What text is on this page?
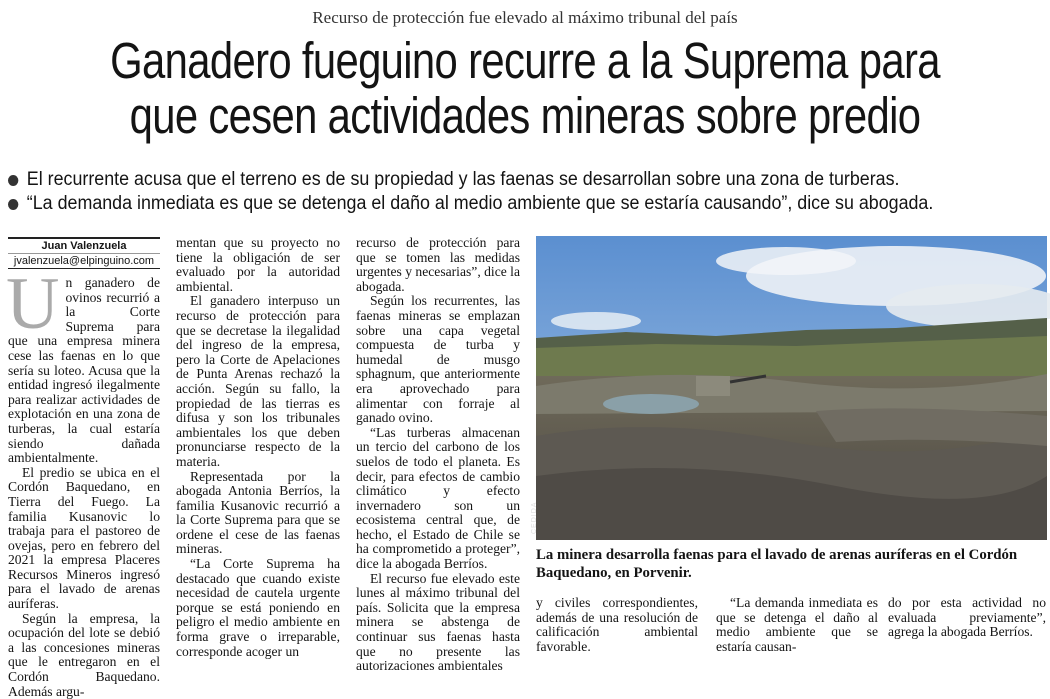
Recurso de protección fue elevado al máximo tribunal del país
Ganadero fueguino recurre a la Suprema para
que cesen actividades mineras sobre predio
El recurrente acusa que el terreno es de su propiedad y las faenas se desarrollan sobre una zona de turberas.
“La demanda inmediata es que se detenga el daño al medio ambiente que se estaría causando”, dice su abogada.
Juan Valenzuela
jvalenzuela@elpinguino.com

Un ganadero de ovinos recurrió a la Corte Suprema para que una empresa minera cese las faenas en lo que sería su loteo. Acusa que la entidad ingresó ilegalmente para realizar actividades de explotación en una zona de turberas, la cual estaría siendo dañada ambientalmente.

El predio se ubica en el Cordón Baquedano, en Tierra del Fuego. La familia Kusanovic lo trabaja para el pastoreo de ovejas, pero en febrero del 2021 la empresa Placeres Recursos Mineros ingresó para el lavado de arenas auríferas.

Según la empresa, la ocupación del lote se debió a las concesiones mineras que le entregaron en el Cordón Baquedano. Además argu-

mentan que su proyecto no tiene la obligación de ser evaluado por la autoridad ambiental.

El ganadero interpuso un recurso de protección para que se decretase la ilegalidad del ingreso de la empresa, pero la Corte de Apelaciones de Punta Arenas rechazó la acción. Según su fallo, la propiedad de las tierras es difusa y son los tribunales ambientales los que deben pronunciarse respecto de la materia.

Representada por la abogada Antonia Berríos, la familia Kusanovic recurrió a la Corte Suprema para que se ordene el cese de las faenas mineras.

“La Corte Suprema ha destacado que cuando existe necesidad de cautela urgente porque se está poniendo en peligro el medio ambiente en forma grave o irreparable, corresponde acoger un

recurso de protección para que se tomen las medidas urgentes y necesarias”, dice la abogada.

Según los recurrentes, las faenas mineras se emplazan sobre una capa vegetal compuesta de turba y humedal de musgo sphagnum, que anteriormente era aprovechado para alimentar con forraje al ganado ovino.

“Las turberas almacenan un tercio del carbono de los suelos de todo el planeta. Es decir, para efectos de cambio climático y efecto invernadero son un ecosistema central que, de hecho, el Estado de Chile se ha comprometido a proteger”, dice la abogada Berríos.

El recurso fue elevado este lunes al máximo tribunal del país. Solicita que la empresa minera se abstenga de continuar sus faenas hasta que no presente las autorizaciones ambientales

CEDIDA
La minera desarrolla faenas para el lavado de arenas auríferas en el Cordón Baquedano, en Porvenir.

y civiles correspondientes, además de una resolución de calificación ambiental favorable.

“La demanda inmediata es que se detenga el daño al medio ambiente que se estaría causan-

do por esta actividad no evaluada previamente”, agrega la abogada Berríos.
